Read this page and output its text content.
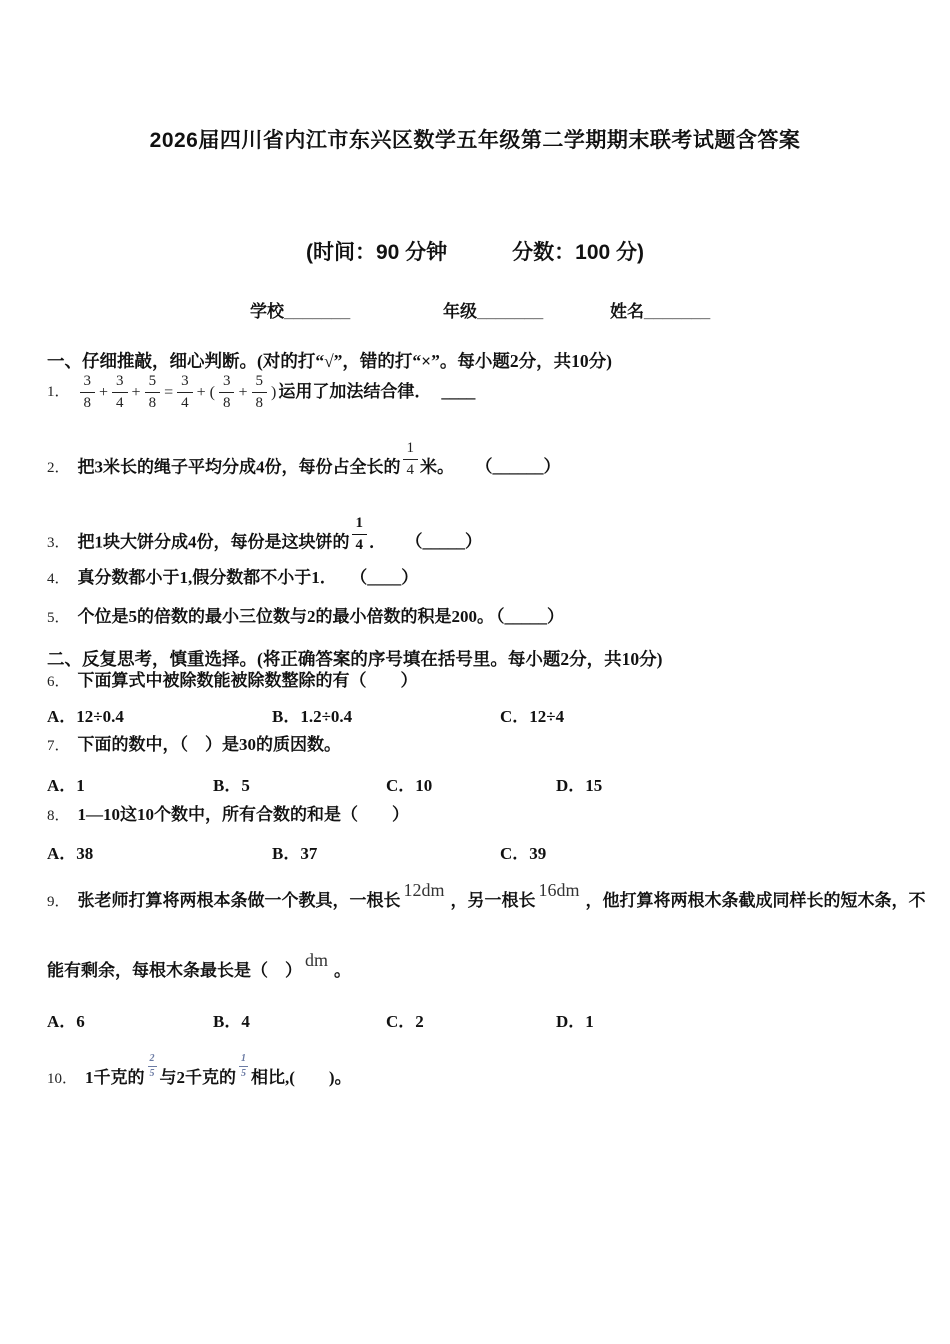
2026届四川省内江市东兴区数学五年级第二学期期末联考试题含答案
(时间：90 分钟	分数：100 分)
学校_______	年级_______	姓名_______
一、仔细推敲，细心判断。(对的打“√”，错的打“×”。每小题2分，共10分)
1． $\frac{3}{8} + \frac{3}{4} + \frac{5}{8} = \frac{3}{4}$ + ( $\frac{3}{8} + \frac{5}{8}$ ) 运用了加法结合律． ____
2． 把3米长的绳子平均分成4份，每份占全长的 $\frac{1}{4}$ 米。 （______）
3． 把1块大饼分成4份，每份是这块饼的 $\frac{1}{4}$ ． （_____）
4． 真分数都小于1,假分数都不小于1． （____）
5． 个位是5的倍数的最小三位数与2的最小倍数的积是200。 （_____）
二、反复思考，慎重选择。(将正确答案的序号填在括号里。每小题2分，共10分)
6． 下面算式中被除数能被除数整除的有（　　）
A．12÷0.4	B．1.2÷0.4	C．12÷4
7． 下面的数中，（　）是30的质因数。
A．1	B．5	C．10	D．15
8． 1—10这10个数中，所有合数的和是（　　）
A．38	B．37	C．39
9． 张老师打算将两根本条做一个教具，一根长12dm，另一根长16dm，他打算将两根木条截成同样长的短木条，不
能有剩余，每根木条最长是（　）dm。
A．6	B．4	C．2	D．1
10． 1千克的 $\frac{2}{5}$ 与2千克的 $\frac{1}{5}$ 相比,(　　)。
